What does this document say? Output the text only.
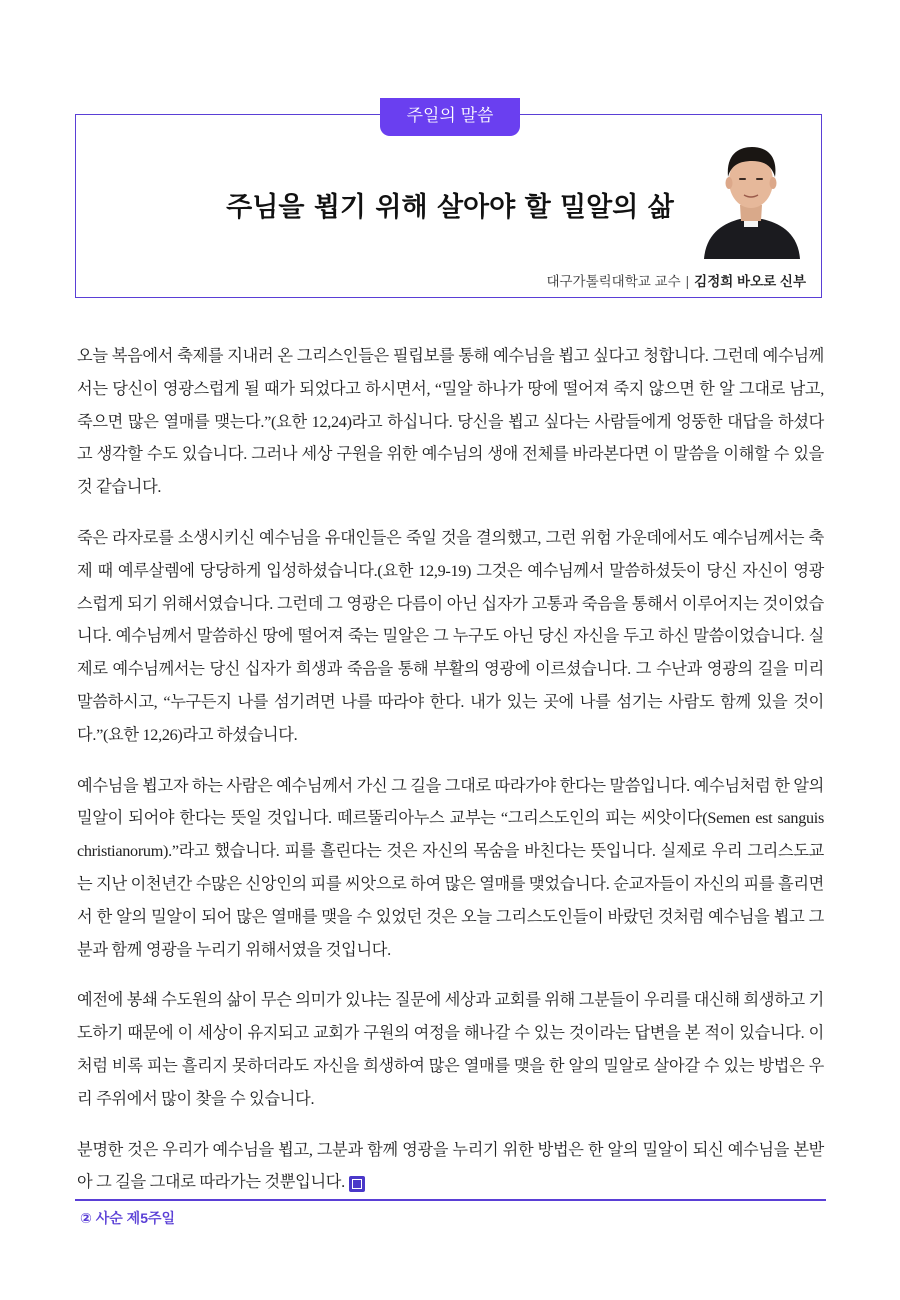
주일의 말씀
주님을 뵙기 위해 살아야 할 밀알의 삶
대구가톨릭대학교 교수 | 김정희 바오로 신부

오늘 복음에서 축제를 지내러 온 그리스인들은 필립보를 통해 예수님을 뵙고 싶다고 청합니다. 그런데 예수님께서는 당신이 영광스럽게 될 때가 되었다고 하시면서, “밀알 하나가 땅에 떨어져 죽지 않으면 한 알 그대로 남고, 죽으면 많은 열매를 맺는다.”(요한 12,24)라고 하십니다. 당신을 뵙고 싶다는 사람들에게 엉뚱한 대답을 하셨다고 생각할 수도 있습니다. 그러나 세상 구원을 위한 예수님의 생애 전체를 바라본다면 이 말씀을 이해할 수 있을 것 같습니다.

죽은 라자로를 소생시키신 예수님을 유대인들은 죽일 것을 결의했고, 그런 위험 가운데에서도 예수님께서는 축제 때 예루살렘에 당당하게 입성하셨습니다.(요한 12,9-19) 그것은 예수님께서 말씀하셨듯이 당신 자신이 영광스럽게 되기 위해서였습니다. 그런데 그 영광은 다름이 아닌 십자가 고통과 죽음을 통해서 이루어지는 것이었습니다. 예수님께서 말씀하신 땅에 떨어져 죽는 밀알은 그 누구도 아닌 당신 자신을 두고 하신 말씀이었습니다. 실제로 예수님께서는 당신 십자가 희생과 죽음을 통해 부활의 영광에 이르셨습니다. 그 수난과 영광의 길을 미리 말씀하시고, “누구든지 나를 섬기려면 나를 따라야 한다. 내가 있는 곳에 나를 섬기는 사람도 함께 있을 것이다.”(요한 12,26)라고 하셨습니다.

예수님을 뵙고자 하는 사람은 예수님께서 가신 그 길을 그대로 따라가야 한다는 말씀입니다. 예수님처럼 한 알의 밀알이 되어야 한다는 뜻일 것입니다. 떼르뚤리아누스 교부는 “그리스도인의 피는 씨앗이다(Semen est sanguis christianorum).”라고 했습니다. 피를 흘린다는 것은 자신의 목숨을 바친다는 뜻입니다. 실제로 우리 그리스도교는 지난 이천년간 수많은 신앙인의 피를 씨앗으로 하여 많은 열매를 맺었습니다. 순교자들이 자신의 피를 흘리면서 한 알의 밀알이 되어 많은 열매를 맺을 수 있었던 것은 오늘 그리스도인들이 바랐던 것처럼 예수님을 뵙고 그분과 함께 영광을 누리기 위해서였을 것입니다.

예전에 봉쇄 수도원의 삶이 무슨 의미가 있냐는 질문에 세상과 교회를 위해 그분들이 우리를 대신해 희생하고 기도하기 때문에 이 세상이 유지되고 교회가 구원의 여정을 해나갈 수 있는 것이라는 답변을 본 적이 있습니다. 이처럼 비록 피는 흘리지 못하더라도 자신을 희생하여 많은 열매를 맺을 한 알의 밀알로 살아갈 수 있는 방법은 우리 주위에서 많이 찾을 수 있습니다.

분명한 것은 우리가 예수님을 뵙고, 그분과 함께 영광을 누리기 위한 방법은 한 알의 밀알이 되신 예수님을 본받아 그 길을 그대로 따라가는 것뿐입니다.

② 사순 제5주일
